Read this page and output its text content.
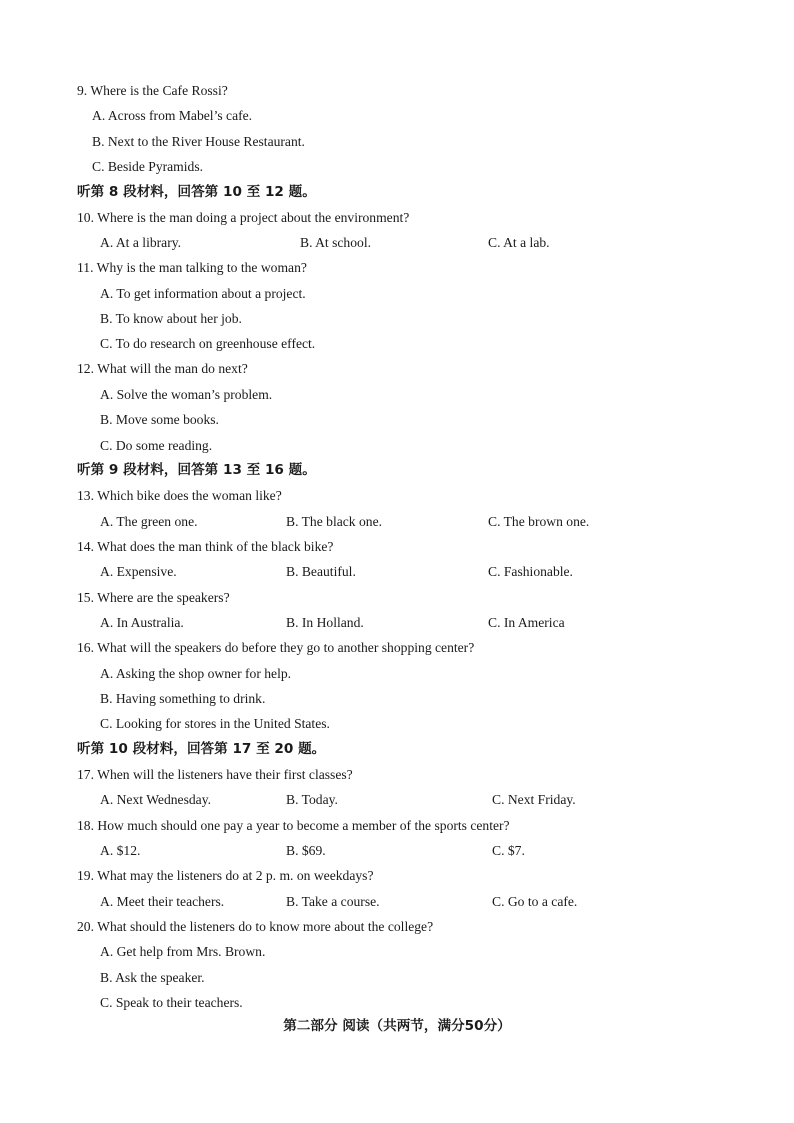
9. Where is the Cafe Rossi?
A. Across from Mabel’s cafe.
B. Next to the River House Restaurant.
C. Beside Pyramids.
听第 8 段材料，回答第 10 至 12 题。
10. Where is the man doing a project about the environment?
A. At a library.	B. At school.	C. At a lab.
11. Why is the man talking to the woman?
A. To get information about a project.
B. To know about her job.
C. To do research on greenhouse effect.
12. What will the man do next?
A. Solve the woman’s problem.
B. Move some books.
C. Do some reading.
听第 9 段材料，回答第 13 至 16 题。
13. Which bike does the woman like?
A. The green one.	B. The black one.	C. The brown one.
14. What does the man think of the black bike?
A. Expensive.	B. Beautiful.	C. Fashionable.
15. Where are the speakers?
A. In Australia.	B. In Holland.	C. In America
16. What will the speakers do before they go to another shopping center?
A. Asking the shop owner for help.
B. Having something to drink.
C. Looking for stores in the United States.
听第 10 段材料，回答第 17 至 20 题。
17. When will the listeners have their first classes?
A. Next Wednesday.	B. Today.	C. Next Friday.
18. How much should one pay a year to become a member of the sports center?
A. $12.	B. $69.	C. $7.
19. What may the listeners do at 2 p. m. on weekdays?
A. Meet their teachers.	B. Take a course.	C. Go to a cafe.
20. What should the listeners do to know more about the college?
A. Get help from Mrs. Brown.
B. Ask the speaker.
C. Speak to their teachers.
第二部分 阅读（共两节，满分50分）
